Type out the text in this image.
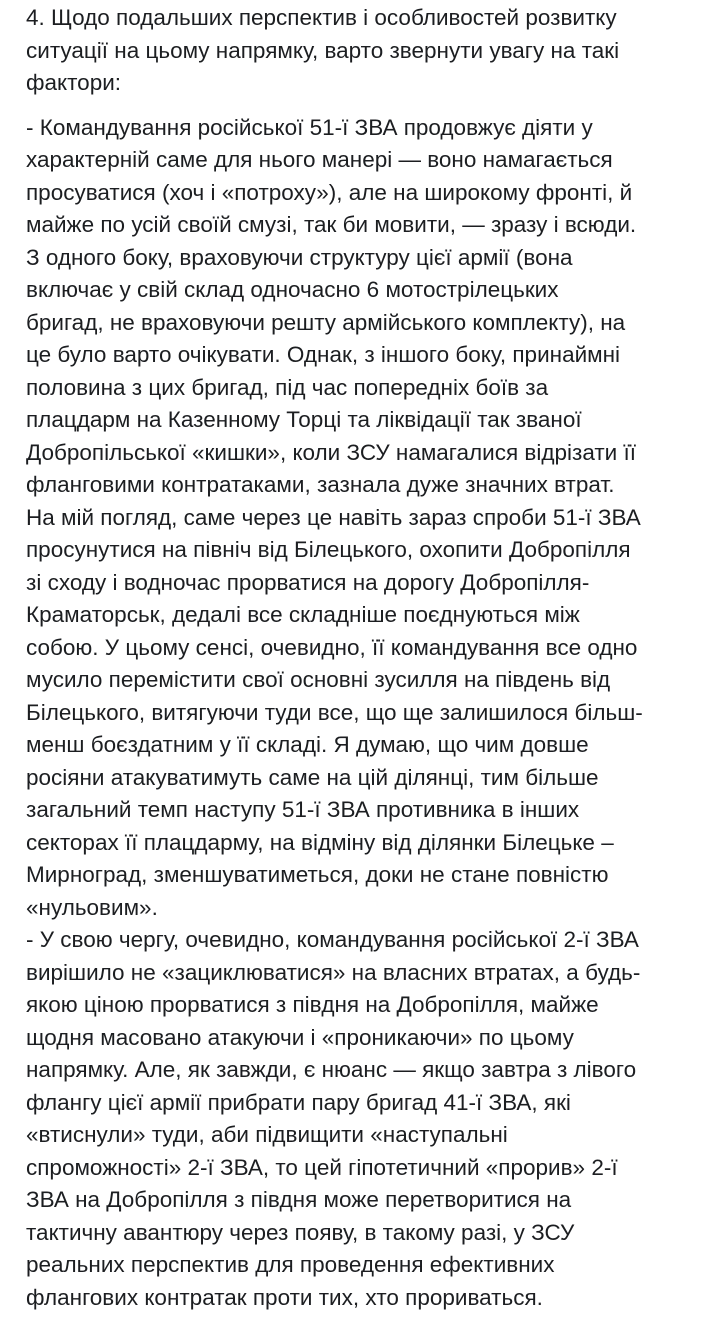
4. Щодо подальших перспектив і особливостей розвитку
ситуації на цьому напрямку, варто звернути увагу на такі
фактори:
- Командування російської 51-ї ЗВА продовжує діяти у
характерній саме для нього манері — воно намагається
просуватися (хоч і «потроху»), але на широкому фронті, й
майже по усій своїй смузі, так би мовити, — зразу і всюди.
З одного боку, враховуючи структуру цієї армії (вона
включає у свій склад одночасно 6 мотострілецьких
бригад, не враховуючи решту армійського комплекту), на
це було варто очікувати. Однак, з іншого боку, принаймні
половина з цих бригад, під час попередніх боїв за
плацдарм на Казенному Торці та ліквідації так званої
Добропільської «кишки», коли ЗСУ намагалися відрізати її
фланговими контратаками, зазнала дуже значних втрат.
На мій погляд, саме через це навіть зараз спроби 51-ї ЗВА
просунутися на північ від Білецького, охопити Добропілля
зі сходу і водночас прорватися на дорогу Добропілля-
Краматорськ, дедалі все складніше поєднуються між
собою. У цьому сенсі, очевидно, її командування все одно
мусило перемістити свої основні зусилля на південь від
Білецького, витягуючи туди все, що ще залишилося більш-
менш боєздатним у її складі. Я думаю, що чим довше
росіяни атакуватимуть саме на цій ділянці, тим більше
загальний темп наступу 51-ї ЗВА противника в інших
секторах її плацдарму, на відміну від ділянки Білецьке –
Мирноград, зменшуватиметься, доки не стане повністю
«нульовим».
- У свою чергу, очевидно, командування російської 2-ї ЗВА
вирішило не «зациклюватися» на власних втратах, а будь-
якою ціною прорватися з півдня на Добропілля, майже
щодня масовано атакуючи і «проникаючи» по цьому
напрямку. Але, як завжди, є нюанс — якщо завтра з лівого
флангу цієї армії прибрати пару бригад 41-ї ЗВА, які
«втиснули» туди, аби підвищити «наступальні
спроможності» 2-ї ЗВА, то цей гіпотетичний «прорив» 2-ї
ЗВА на Добропілля з півдня може перетворитися на
тактичну авантюру через появу, в такому разі, у ЗСУ
реальних перспектив для проведення ефективних
флангових контратак проти тих, хто прориваться.
